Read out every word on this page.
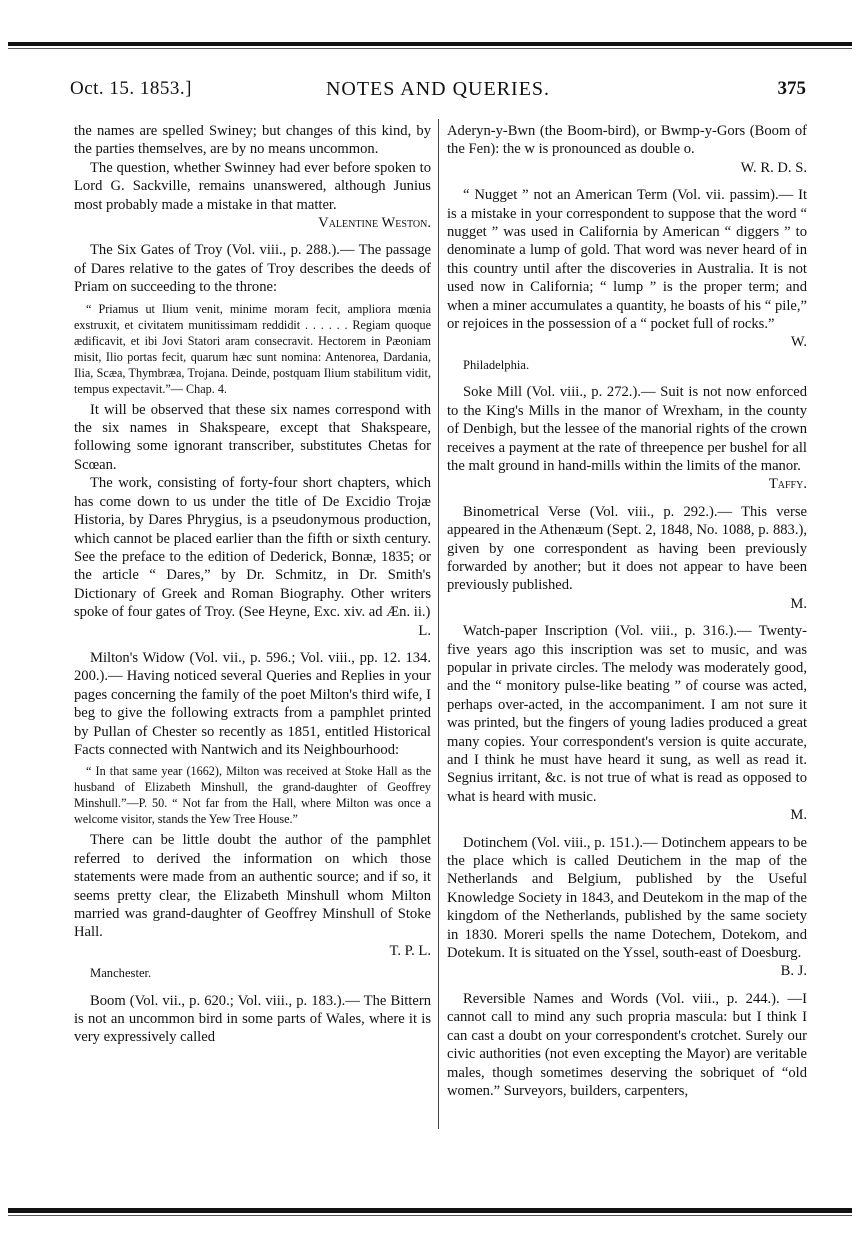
Oct. 15. 1853.]	NOTES AND QUERIES.	375

the names are spelled Swiney; but changes of this kind, by the parties themselves, are by no means uncommon.

The question, whether Swinney had ever before spoken to Lord G. Sackville, remains unanswered, although Junius most probably made a mistake in that matter.

Valentine Weston.

The Six Gates of Troy (Vol. viii., p. 288.).— The passage of Dares relative to the gates of Troy describes the deeds of Priam on succeeding to the throne:

“ Priamus ut Ilium venit, minime moram fecit, ampliora mœnia exstruxit, et civitatem munitissimam reddidit . . . . . . Regiam quoque ædificavit, et ibi Jovi Statori aram consecravit. Hectorem in Pæoniam misit, Ilio portas fecit, quarum hæc sunt nomina: Antenorea, Dardania, Ilia, Scæa, Thymbræa, Trojana. Deinde, postquam Ilium stabilitum vidit, tempus expectavit.”— Chap. 4.

It will be observed that these six names correspond with the six names in Shakspeare, except that Shakspeare, following some ignorant transcriber, substitutes Chetas for Scœan.

The work, consisting of forty-four short chapters, which has come down to us under the title of De Excidio Trojæ Historia, by Dares Phrygius, is a pseudonymous production, which cannot be placed earlier than the fifth or sixth century. See the preface to the edition of Dederick, Bonnæ, 1835; or the article “ Dares,” by Dr. Schmitz, in Dr. Smith's Dictionary of Greek and Roman Biography. Other writers spoke of four gates of Troy. (See Heyne, Exc. xiv. ad Æn. ii.)

L.

Milton's Widow (Vol. vii., p. 596.; Vol. viii., pp. 12. 134. 200.).— Having noticed several Queries and Replies in your pages concerning the family of the poet Milton's third wife, I beg to give the following extracts from a pamphlet printed by Pullan of Chester so recently as 1851, entitled Historical Facts connected with Nantwich and its Neighbourhood:

“ In that same year (1662), Milton was received at Stoke Hall as the husband of Elizabeth Minshull, the grand-daughter of Geoffrey Minshull.”—P. 50. “ Not far from the Hall, where Milton was once a welcome visitor, stands the Yew Tree House.”

There can be little doubt the author of the pamphlet referred to derived the information on which those statements were made from an authentic source; and if so, it seems pretty clear, the Elizabeth Minshull whom Milton married was grand-daughter of Geoffrey Minshull of Stoke Hall.

T. P. L.

Manchester.

Boom (Vol. vii., p. 620.; Vol. viii., p. 183.).— The Bittern is not an uncommon bird in some parts of Wales, where it is very expressively called

Aderyn-y-Bwn (the Boom-bird), or Bwmp-y-Gors (Boom of the Fen): the w is pronounced as double o.

W. R. D. S.

“ Nugget ” not an American Term (Vol. vii. passim).— It is a mistake in your correspondent to suppose that the word “ nugget ” was used in California by American “ diggers ” to denominate a lump of gold. That word was never heard of in this country until after the discoveries in Australia. It is not used now in California; “ lump ” is the proper term; and when a miner accumulates a quantity, he boasts of his “ pile,” or rejoices in the possession of a “ pocket full of rocks.”

W.

Philadelphia.

Soke Mill (Vol. viii., p. 272.).— Suit is not now enforced to the King's Mills in the manor of Wrexham, in the county of Denbigh, but the lessee of the manorial rights of the crown receives a payment at the rate of threepence per bushel for all the malt ground in hand-mills within the limits of the manor.

Taffy.

Binometrical Verse (Vol. viii., p. 292.).— This verse appeared in the Athenæum (Sept. 2, 1848, No. 1088, p. 883.), given by one correspondent as having been previously forwarded by another; but it does not appear to have been previously published.

M.

Watch-paper Inscription (Vol. viii., p. 316.).— Twenty-five years ago this inscription was set to music, and was popular in private circles. The melody was moderately good, and the “ monitory pulse-like beating ” of course was acted, perhaps over-acted, in the accompaniment. I am not sure it was printed, but the fingers of young ladies produced a great many copies. Your correspondent's version is quite accurate, and I think he must have heard it sung, as well as read it. Segnius irritant, &c. is not true of what is read as opposed to what is heard with music.

M.

Dotinchem (Vol. viii., p. 151.).— Dotinchem appears to be the place which is called Deutichem in the map of the Netherlands and Belgium, published by the Useful Knowledge Society in 1843, and Deutekom in the map of the kingdom of the Netherlands, published by the same society in 1830. Moreri spells the name Dotechem, Dotekom, and Dotekum. It is situated on the Yssel, south-east of Doesburg.

B. J.

Reversible Names and Words (Vol. viii., p. 244.). —I cannot call to mind any such propria mascula: but I think I can cast a doubt on your correspondent's crotchet. Surely our civic authorities (not even excepting the Mayor) are veritable males, though sometimes deserving the sobriquet of “old women.” Surveyors, builders, carpenters,
